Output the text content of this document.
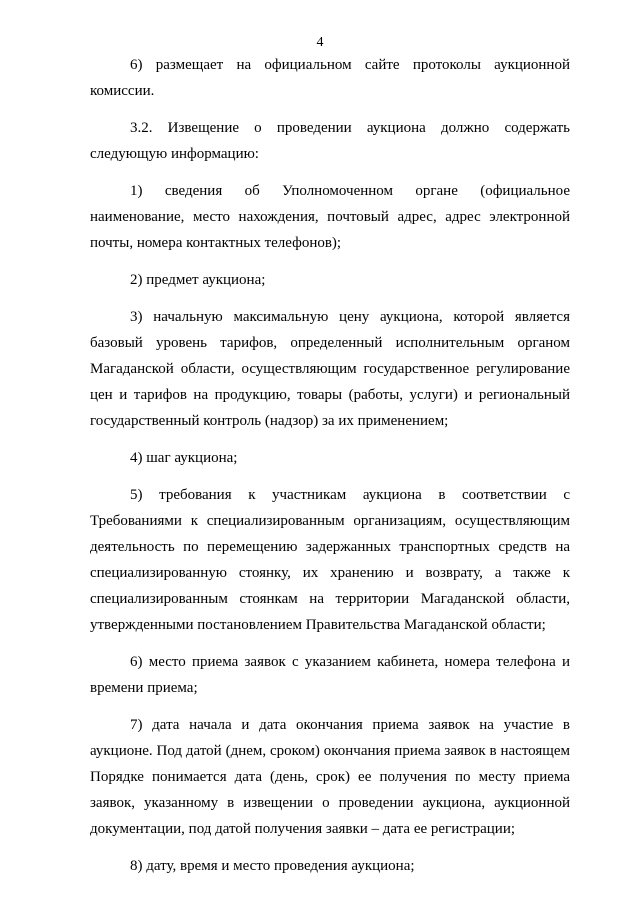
4

6) размещает на официальном сайте протоколы аукционной комиссии.

3.2. Извещение о проведении аукциона должно содержать следующую информацию:

1) сведения об Уполномоченном органе (официальное наименование, место нахождения, почтовый адрес, адрес электронной почты, номера контактных телефонов);

2) предмет аукциона;

3) начальную максимальную цену аукциона, которой является базовый уровень тарифов, определенный исполнительным органом Магаданской области, осуществляющим государственное регулирование цен и тарифов на продукцию, товары (работы, услуги) и региональный государственный контроль (надзор) за их применением;

4) шаг аукциона;

5) требования к участникам аукциона в соответствии с Требованиями к специализированным организациям, осуществляющим деятельность по перемещению задержанных транспортных средств на специализированную стоянку, их хранению и возврату, а также к специализированным стоянкам на территории Магаданской области, утвержденными постановлением Правительства Магаданской области;

6) место приема заявок с указанием кабинета, номера телефона и времени приема;

7) дата начала и дата окончания приема заявок на участие в аукционе. Под датой (днем, сроком) окончания приема заявок в настоящем Порядке понимается дата (день, срок) ее получения по месту приема заявок, указанному в извещении о проведении аукциона, аукционной документации, под датой получения заявки – дата ее регистрации;

8) дату, время и место проведения аукциона;
